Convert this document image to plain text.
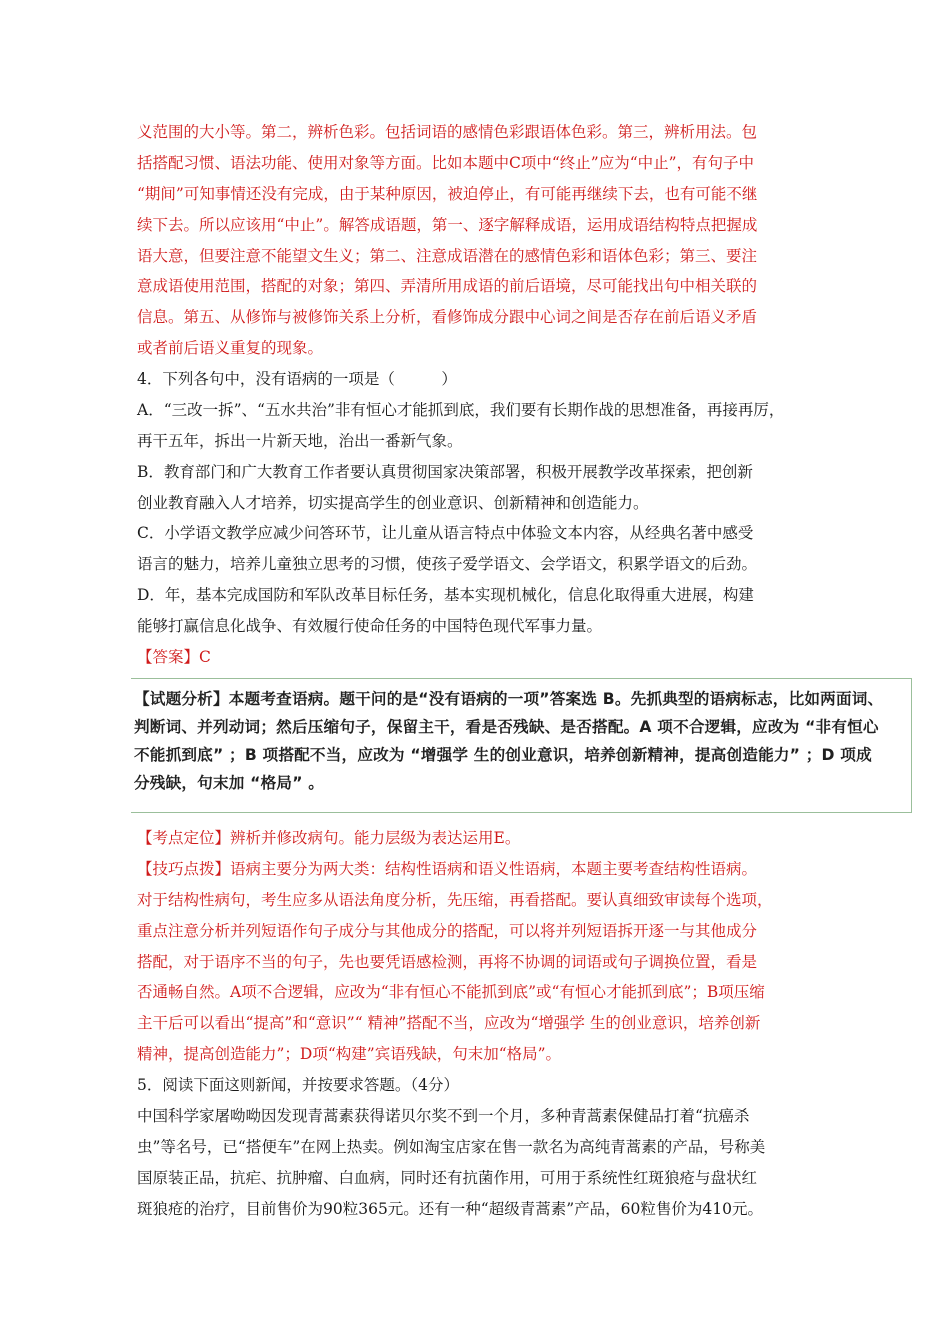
义范围的大小等。第二，辨析色彩。包括词语的感情色彩跟语体色彩。第三，辨析用法。包
括搭配习惯、语法功能、使用对象等方面。比如本题中C项中“终止”应为“中止”，有句子中
“期间”可知事情还没有完成，由于某种原因，被迫停止，有可能再继续下去，也有可能不继
续下去。所以应该用“中止”。解答成语题，第一、逐字解释成语，运用成语结构特点把握成
语大意，但要注意不能望文生义；第二、注意成语潜在的感情色彩和语体色彩；第三、要注
意成语使用范围，搭配的对象；第四、弄清所用成语的前后语境，尽可能找出句中相关联的
信息。第五、从修饰与被修饰关系上分析，看修饰成分跟中心词之间是否存在前后语义矛盾
或者前后语义重复的现象。
4．下列各句中，没有语病的一项是（　　　）
A．“三改一拆”、“五水共治”非有恒心才能抓到底，我们要有长期作战的思想准备，再接再厉，
再干五年，拆出一片新天地，治出一番新气象。
B．教育部门和广大教育工作者要认真贯彻国家决策部署，积极开展教学改革探索，把创新
创业教育融入人才培养，切实提高学生的创业意识、创新精神和创造能力。
C．小学语文教学应减少问答环节，让儿童从语言特点中体验文本内容，从经典名著中感受
语言的魅力，培养儿童独立思考的习惯，使孩子爱学语文、会学语文，积累学语文的后劲。
D．年，基本完成国防和军队改革目标任务，基本实现机械化，信息化取得重大进展，构建
能够打赢信息化战争、有效履行使命任务的中国特色现代军事力量。
【答案】C
【试题分析】本题考查语病。题干问的是“没有语病的一项”答案选 B。先抓典型的语病标志，比如两面词、
判断词、并列动词；然后压缩句子，保留主干，看是否残缺、是否搭配。A 项不合逻辑，应改为 “非有恒心
不能抓到底” ；B 项搭配不当，应改为 “增强学 生的创业意识，培养创新精神，提高创造能力” ；D 项成
分残缺，句末加 “格局” 。
【考点定位】辨析并修改病句。能力层级为表达运用E。
【技巧点拨】语病主要分为两大类：结构性语病和语义性语病，本题主要考查结构性语病。
对于结构性病句，考生应多从语法角度分析，先压缩，再看搭配。要认真细致审读每个选项，
重点注意分析并列短语作句子成分与其他成分的搭配，可以将并列短语拆开逐一与其他成分
搭配，对于语序不当的句子，先也要凭语感检测，再将不协调的词语或句子调换位置，看是
否通畅自然。A项不合逻辑，应改为“非有恒心不能抓到底”或“有恒心才能抓到底”；B项压缩
主干后可以看出“提高”和“意识”“ 精神”搭配不当，应改为“增强学 生的创业意识，培养创新
精神，提高创造能力”；D项“构建”宾语残缺，句末加“格局”。
5．阅读下面这则新闻，并按要求答题。（4分）
中国科学家屠呦呦因发现青蒿素获得诺贝尔奖不到一个月，多种青蒿素保健品打着“抗癌杀
虫”等名号，已“搭便车”在网上热卖。例如淘宝店家在售一款名为高纯青蒿素的产品，号称美
国原装正品，抗疟、抗肿瘤、白血病，同时还有抗菌作用，可用于系统性红斑狼疮与盘状红
斑狼疮的治疗，目前售价为90粒365元。还有一种“超级青蒿素”产品，60粒售价为410元。
